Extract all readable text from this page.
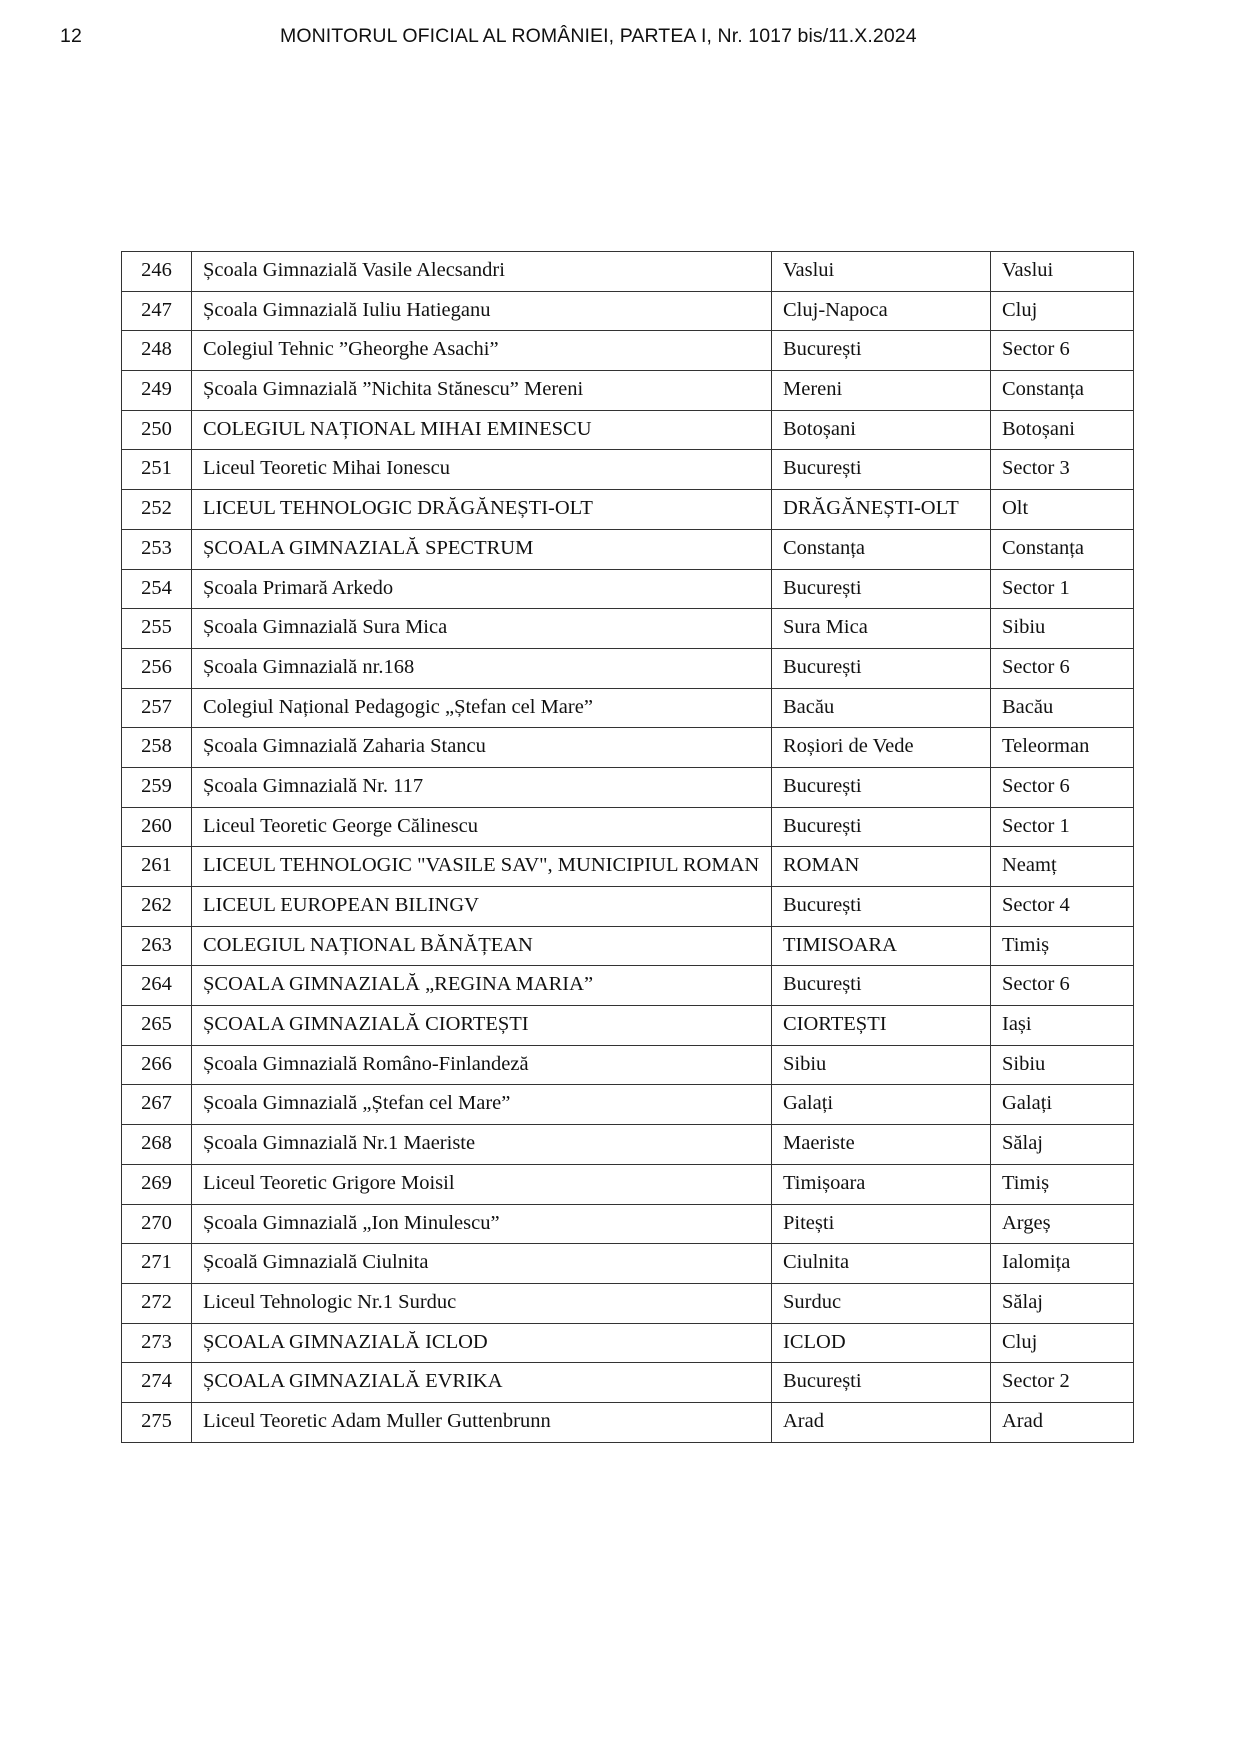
12	MONITORUL OFICIAL AL ROMÂNIEI, PARTEA I, Nr. 1017 bis/11.X.2024
246	Școala Gimnazială Vasile Alecsandri	Vaslui	Vaslui
247	Școala Gimnazială Iuliu Hatieganu	Cluj-Napoca	Cluj
248	Colegiul Tehnic ”Gheorghe Asachi”	București	Sector 6
249	Școala Gimnazială ”Nichita Stănescu” Mereni	Mereni	Constanța
250	COLEGIUL NAȚIONAL MIHAI EMINESCU	Botoșani	Botoșani
251	Liceul Teoretic Mihai Ionescu	București	Sector 3
252	LICEUL TEHNOLOGIC DRĂGĂNEȘTI-OLT	DRĂGĂNEȘTI-OLT	Olt
253	ȘCOALA GIMNAZIALĂ SPECTRUM	Constanța	Constanța
254	Școala Primară Arkedo	București	Sector 1
255	Școala Gimnazială Sura Mica	Sura Mica	Sibiu
256	Școala Gimnazială nr.168	București	Sector 6
257	Colegiul Național Pedagogic „Ștefan cel Mare”	Bacău	Bacău
258	Școala Gimnazială Zaharia Stancu	Roșiori de Vede	Teleorman
259	Școala Gimnazială Nr. 117	București	Sector 6
260	Liceul Teoretic George Călinescu	București	Sector 1
261	LICEUL TEHNOLOGIC "VASILE SAV", MUNICIPIUL ROMAN	ROMAN	Neamț
262	LICEUL EUROPEAN BILINGV	București	Sector 4
263	COLEGIUL NAȚIONAL BĂNĂȚEAN	TIMISOARA	Timiș
264	ȘCOALA GIMNAZIALĂ „REGINA MARIA”	București	Sector 6
265	ȘCOALA GIMNAZIALĂ CIORTEȘTI	CIORTEȘTI	Iași
266	Școala Gimnazială Româno-Finlandeză	Sibiu	Sibiu
267	Școala Gimnazială „Ștefan cel Mare”	Galați	Galați
268	Școala Gimnazială Nr.1 Maeriste	Maeriste	Sălaj
269	Liceul Teoretic Grigore Moisil	Timișoara	Timiș
270	Școala Gimnazială „Ion Minulescu”	Pitești	Argeș
271	Școală Gimnazială Ciulnita	Ciulnita	Ialomița
272	Liceul Tehnologic Nr.1 Surduc	Surduc	Sălaj
273	ȘCOALA GIMNAZIALĂ ICLOD	ICLOD	Cluj
274	ȘCOALA GIMNAZIALĂ EVRIKA	București	Sector 2
275	Liceul Teoretic Adam Muller Guttenbrunn	Arad	Arad
